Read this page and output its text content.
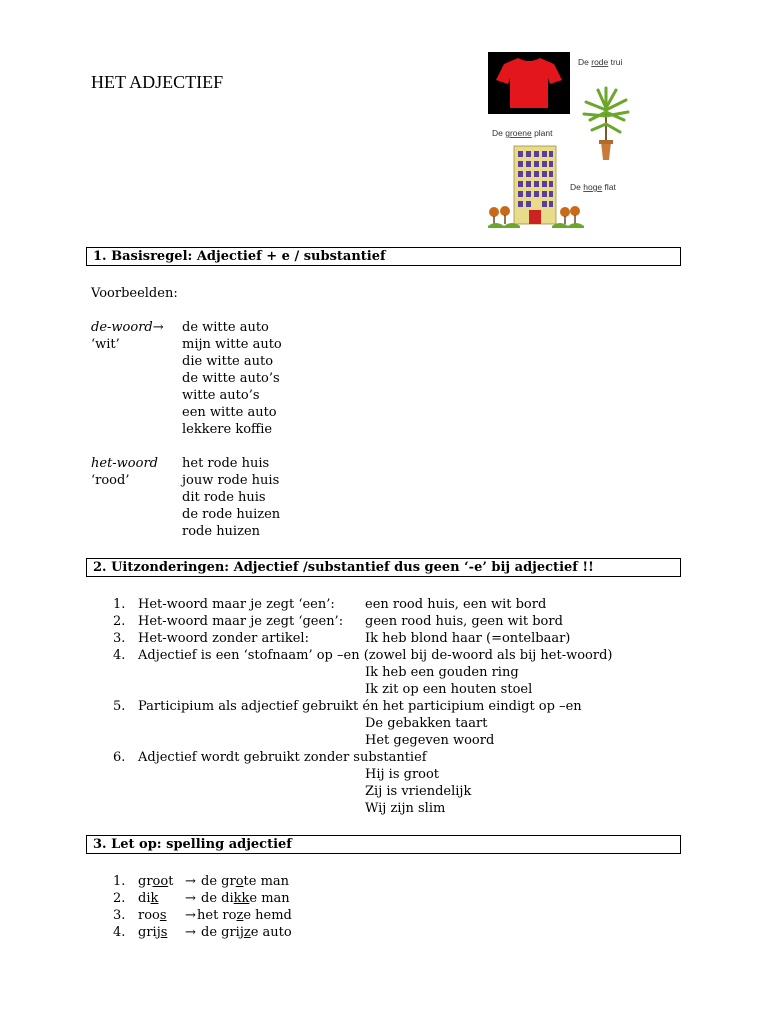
HET ADJECTIEF
De rode trui
De groene plant
De hoge flat
1. Basisregel: Adjectief + e / substantief
Voorbeelden:
de-woord→
‘wit’
de witte auto
mijn witte auto
die witte auto
de witte auto’s
witte auto’s
een witte auto
lekkere koffie
het-woord
‘rood’
het rode huis
jouw rode huis
dit rode huis
de rode huizen
rode huizen
2. Uitzonderingen: Adjectief /substantief dus geen ‘-e’ bij adjectief !!
1. Het-woord maar je zegt ‘een’: een rood huis, een wit bord
2. Het-woord maar je zegt ‘geen’: geen rood huis, geen wit bord
3. Het-woord zonder artikel:	Ik heb blond haar (=ontelbaar)
4. Adjectief is een ‘stofnaam’ op –en (zowel bij de-woord als bij het-woord)
Ik heb een gouden ring
Ik zit op een houten stoel
5. Participium als adjectief gebruikt én het participium eindigt op –en
De gebakken taart
Het gegeven woord
6. Adjectief wordt gebruikt zonder substantief
Hij is groot
Zij is vriendelijk
Wij zijn slim
3. Let op: spelling adjectief
1. groot → de grote man
2. dik → de dikke man
3. roos → het roze hemd
4. grijs → de grijze auto
